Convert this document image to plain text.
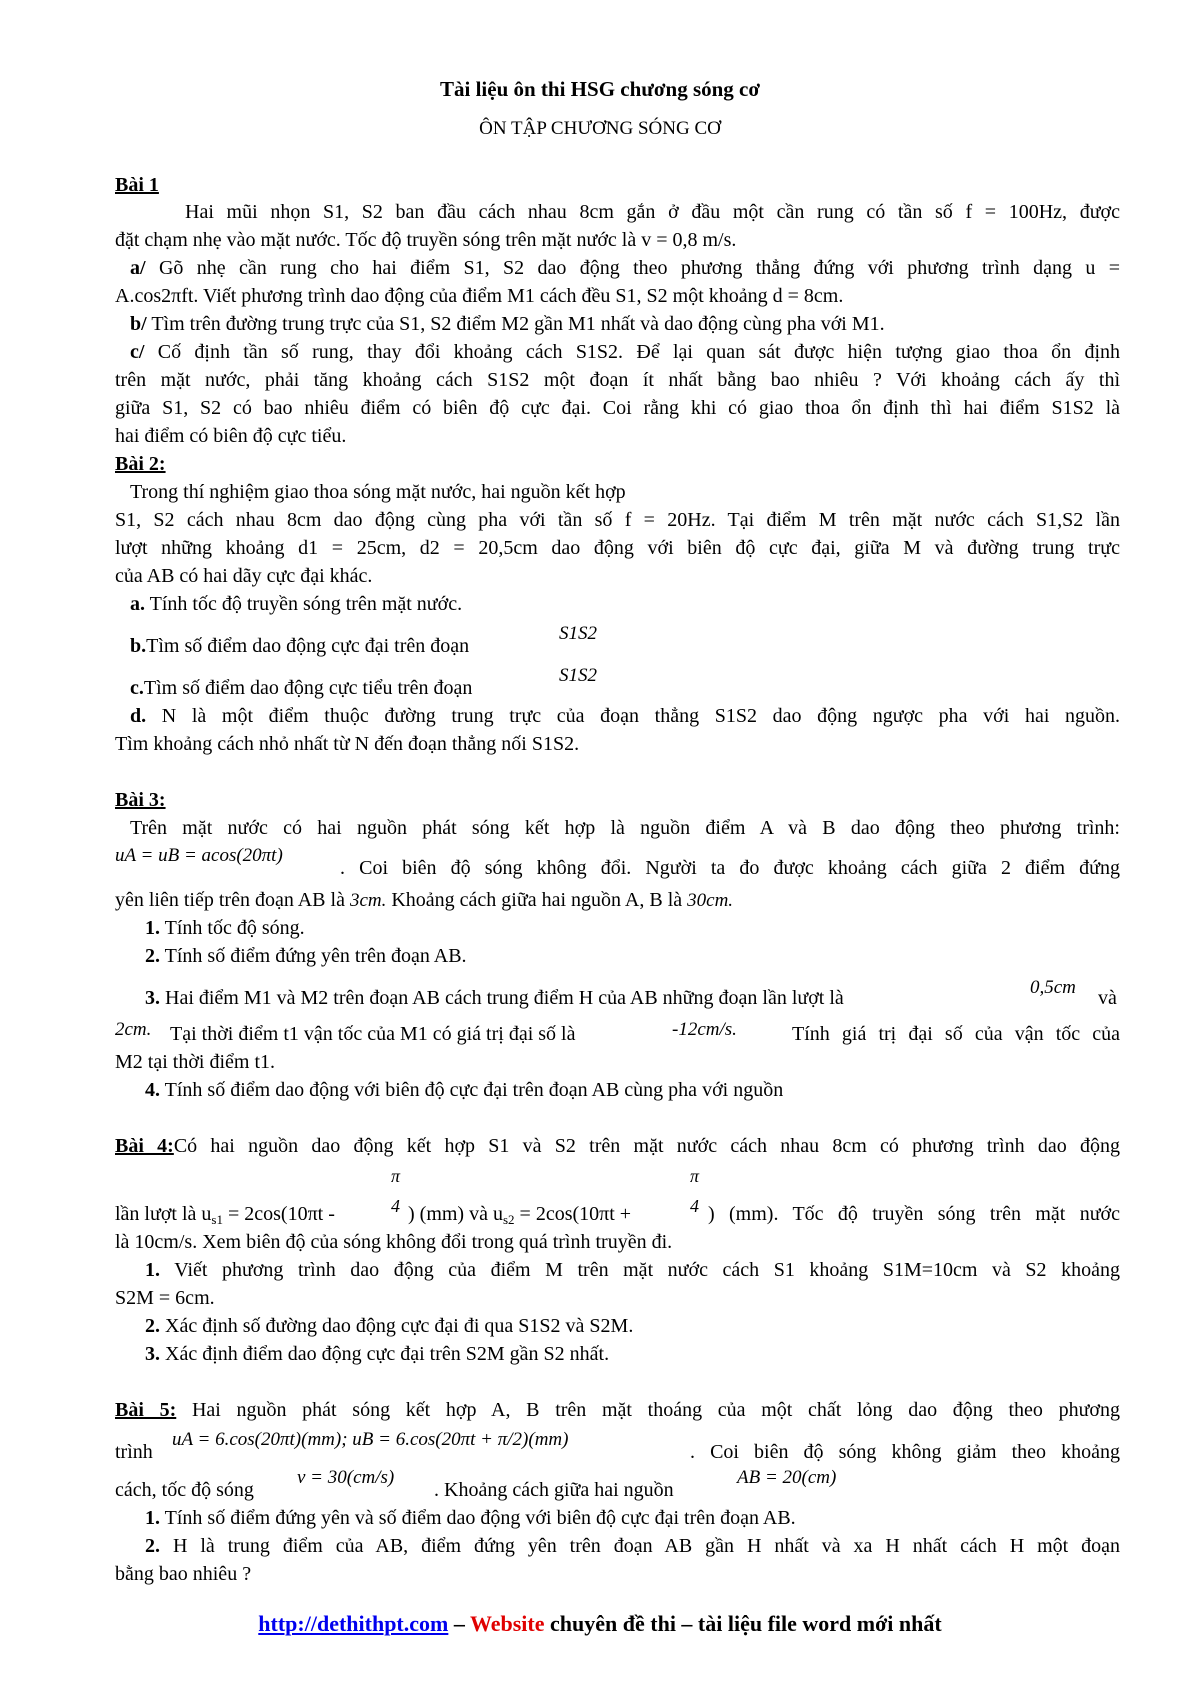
Tài liệu ôn thi HSG chương sóng cơ
ÔN TẬP CHƯƠNG SÓNG CƠ
Bài 1
Hai mũi nhọn S1, S2 ban đầu cách nhau 8cm gắn ở đầu một cần rung có tần số f = 100Hz, được
đặt chạm nhẹ vào mặt nước. Tốc độ truyền sóng trên mặt nước là v = 0,8 m/s.
a/ Gõ nhẹ cần rung cho hai điểm S1, S2 dao động theo phương thẳng đứng với phương trình dạng u =
A.cos2πft. Viết phương trình dao động của điểm M1 cách đều S1, S2 một khoảng d = 8cm.
b/ Tìm trên đường trung trực của S1, S2 điểm M2 gần M1 nhất và dao động cùng pha với M1.
c/ Cố định tần số rung, thay đổi khoảng cách S1S2. Để lại quan sát được hiện tượng giao thoa ổn định
trên mặt nước, phải tăng khoảng cách S1S2 một đoạn ít nhất bằng bao nhiêu ? Với khoảng cách ấy thì
giữa S1, S2 có bao nhiêu điểm có biên độ cực đại. Coi rằng khi có giao thoa ổn định thì hai điểm S1S2 là
hai điểm có biên độ cực tiểu.
Bài 2:
Trong thí nghiệm giao thoa sóng mặt nước, hai nguồn kết hợp
S1, S2 cách nhau 8cm dao động cùng pha với tần số f = 20Hz. Tại điểm M trên mặt nước cách S1,S2 lần
lượt những khoảng d1 = 25cm, d2 = 20,5cm dao động với biên độ cực đại, giữa M và đường trung trực
của AB có hai dãy cực đại khác.
a. Tính tốc độ truyền sóng trên mặt nước.
b.Tìm số điểm dao động cực đại trên đoạn
S1S2
c.Tìm số điểm dao động cực tiểu trên đoạn
S1S2
d. N là một điểm thuộc đường trung trực của đoạn thẳng S1S2 dao động ngược pha với hai nguồn.
Tìm khoảng cách nhỏ nhất từ N đến đoạn thẳng nối S1S2.
Bài 3:
Trên mặt nước có hai nguồn phát sóng kết hợp là nguồn điểm A và B dao động theo phương trình:
uA = uB = acos(20πt)
. Coi biên độ sóng không đổi. Người ta đo được khoảng cách giữa 2 điểm đứng
yên liên tiếp trên đoạn AB là 3cm. Khoảng cách giữa hai nguồn A, B là 30cm.
1. Tính tốc độ sóng.
2. Tính số điểm đứng yên trên đoạn AB.
3. Hai điểm M1 và M2 trên đoạn AB cách trung điểm H của AB những đoạn lần lượt là	0,5cm	và
2cm. Tại thời điểm t1 vận tốc của M1 có giá trị đại số là	-12cm/s.	Tính giá trị đại số của vận tốc của
M2 tại thời điểm t1.
4. Tính số điểm dao động với biên độ cực đại trên đoạn AB cùng pha với nguồn
Bài 4:Có hai nguồn dao động kết hợp S1 và S2 trên mặt nước cách nhau 8cm có phương trình dao động
π
4
π
4
lần lượt là $u_{s1} = 2\cos(10\pi t$ -	) (mm) và $u_{s2} = 2\cos(10\pi t$ +	) (mm). Tốc độ truyền sóng trên mặt nước
là 10cm/s. Xem biên độ của sóng không đổi trong quá trình truyền đi.
1. Viết phương trình dao động của điểm M trên mặt nước cách S1 khoảng S1M=10cm và S2 khoảng
S2M = 6cm.
2. Xác định số đường dao động cực đại đi qua S1S2 và S2M.
3. Xác định điểm dao động cực đại trên S2M gần S2 nhất.
Bài 5: Hai nguồn phát sóng kết hợp A, B trên mặt thoáng của một chất lỏng dao động theo phương
trình
uA = 6.cos(20πt)(mm); uB = 6.cos(20πt + π/2)(mm)
. Coi biên độ sóng không giảm theo khoảng
cách, tốc độ sóng
v = 30(cm/s)
. Khoảng cách giữa hai nguồn
AB = 20(cm)
1. Tính số điểm đứng yên và số điểm dao động với biên độ cực đại trên đoạn AB.
2. H là trung điểm của AB, điểm đứng yên trên đoạn AB gần H nhất và xa H nhất cách H một đoạn
bằng bao nhiêu ?
http://dethithpt.com – Website chuyên đề thi – tài liệu file word mới nhất
